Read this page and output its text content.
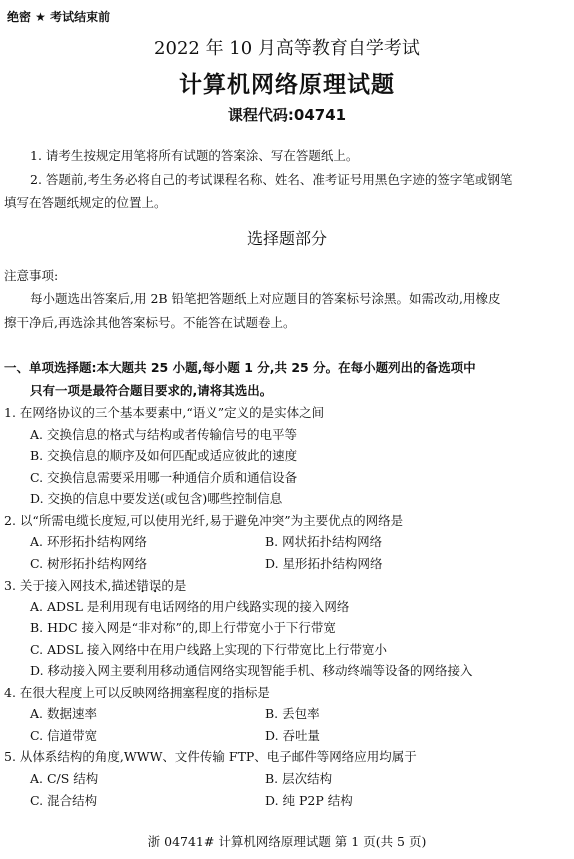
绝密 ★ 考试结束前
2022 年 10 月高等教育自学考试
计算机网络原理试题
课程代码:04741
1. 请考生按规定用笔将所有试题的答案涂、写在答题纸上。
2. 答题前,考生务必将自己的考试课程名称、姓名、准考证号用黑色字迹的签字笔或钢笔
填写在答题纸规定的位置上。
选择题部分
注意事项:
每小题选出答案后,用 2B 铅笔把答题纸上对应题目的答案标号涂黑。如需改动,用橡皮
擦干净后,再选涂其他答案标号。不能答在试题卷上。
一、单项选择题:本大题共 25 小题,每小题 1 分,共 25 分。在每小题列出的备选项中
只有一项是最符合题目要求的,请将其选出。
1. 在网络协议的三个基本要素中,“语义”定义的是实体之间
A. 交换信息的格式与结构或者传输信号的电平等
B. 交换信息的顺序及如何匹配或适应彼此的速度
C. 交换信息需要采用哪一种通信介质和通信设备
D. 交换的信息中要发送(或包含)哪些控制信息
2. 以“所需电缆长度短,可以使用光纤,易于避免冲突”为主要优点的网络是
A. 环形拓扑结构网络	B. 网状拓扑结构网络
C. 树形拓扑结构网络	D. 星形拓扑结构网络
3. 关于接入网技术,描述错误的是
A. ADSL 是利用现有电话网络的用户线路实现的接入网络
B. HDC 接入网是“非对称”的,即上行带宽小于下行带宽
C. ADSL 接入网络中在用户线路上实现的下行带宽比上行带宽小
D. 移动接入网主要利用移动通信网络实现智能手机、移动终端等设备的网络接入
4. 在很大程度上可以反映网络拥塞程度的指标是
A. 数据速率	B. 丢包率
C. 信道带宽	D. 吞吐量
5. 从体系结构的角度,WWW、文件传输 FTP、电子邮件等网络应用均属于
A. C/S 结构	B. 层次结构
C. 混合结构	D. 纯 P2P 结构
浙 04741# 计算机网络原理试题 第 1 页(共 5 页)
